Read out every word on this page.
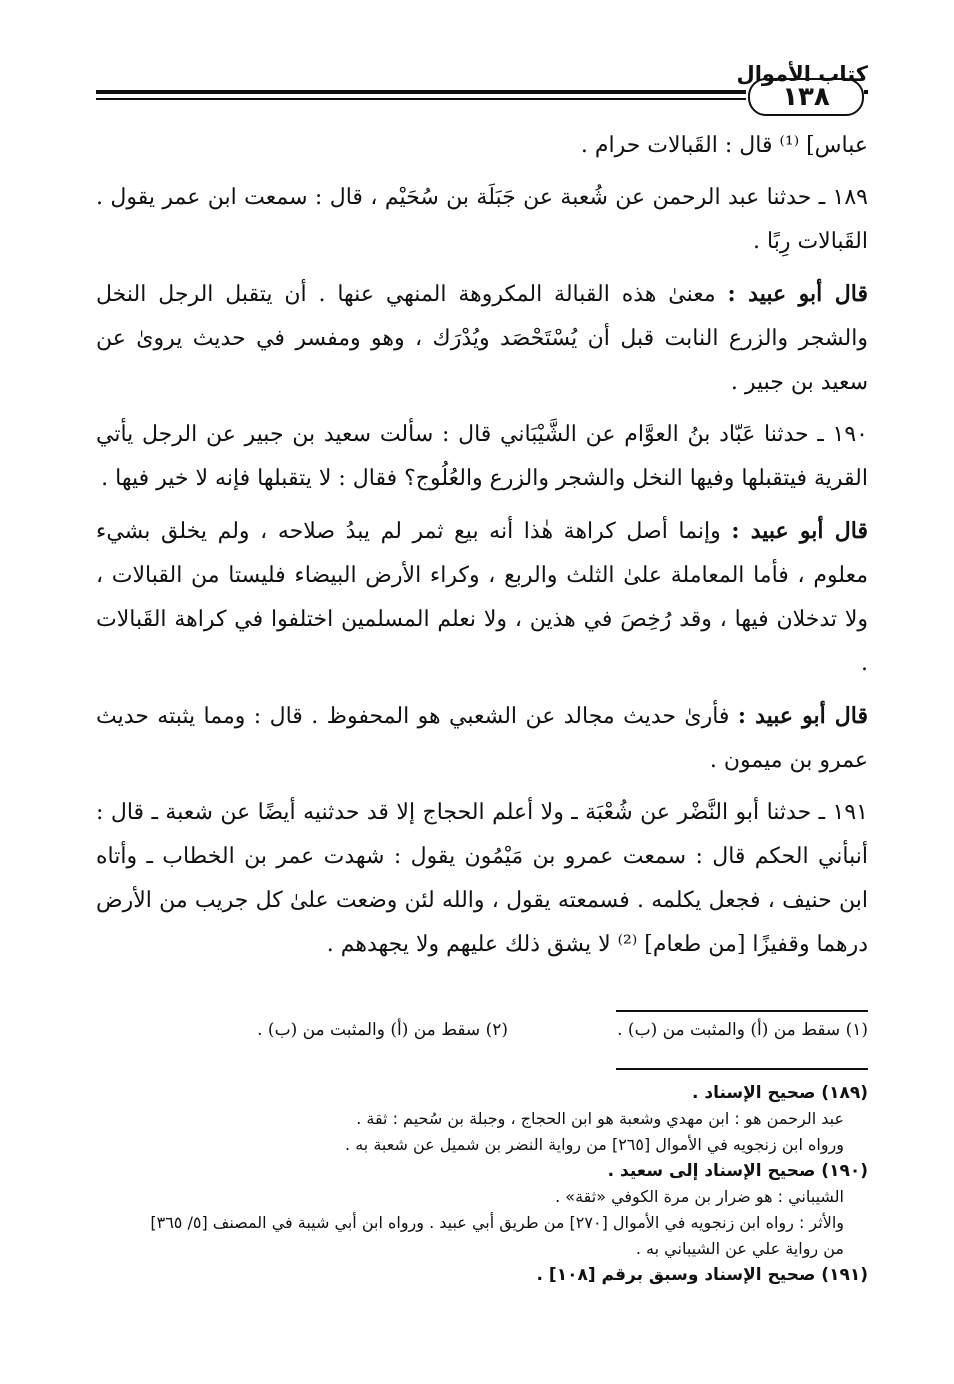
١٣٨
كتاب الأموال

عباس] ⁽¹⁾ قال : القَبالات حرام .

١٨٩ ـ حدثنا عبد الرحمن عن شُعبة عن جَبَلَة بن سُحَيْم ، قال : سمعت ابن عمر يقول . القَبالات رِبًا .

قال أبو عبيد : معنىٰ هذه القبالة المكروهة المنهي عنها . أن يتقبل الرجل النخل والشجر والزرع النابت قبل أن يُسْتَحْصَد ويُدْرَك ، وهو ومفسر في حديث يروىٰ عن سعيد بن جبير .

١٩٠ ـ حدثنا عَبّاد بنُ العوَّام عن الشَّيْبَاني قال : سألت سعيد بن جبير عن الرجل يأتي القرية فيتقبلها وفيها النخل والشجر والزرع والعُلُوج؟ فقال : لا يتقبلها فإنه لا خير فيها .

قال أبو عبيد : وإنما أصل كراهة هٰذا أنه بيع ثمر لم يبدُ صلاحه ، ولم يخلق بشيء معلوم ، فأما المعاملة علىٰ الثلث والربع ، وكراء الأرض البيضاء فليستا من القبالات ، ولا تدخلان فيها ، وقد رُخِصَ في هذين ، ولا نعلم المسلمين اختلفوا في كراهة القَبالات .

قال أبو عبيد : فأرىٰ حديث مجالد عن الشعبي هو المحفوظ . قال : ومما يثبته حديث عمرو بن ميمون .

١٩١ ـ حدثنا أبو النَّضْر عن شُعْبَة ـ ولا أعلم الحجاج إلا قد حدثنيه أيضًا عن شعبة ـ قال : أنبأني الحكم قال : سمعت عمرو بن مَيْمُون يقول : شهدت عمر بن الخطاب ـ وأتاه ابن حنيف ، فجعل يكلمه . فسمعته يقول ، والله لئن وضعت علىٰ كل جريب من الأرض درهما وقفيزًا [من طعام] ⁽²⁾ لا يشق ذلك عليهم ولا يجهدهم .

(١) سقط من (أ) والمثبت من (ب) .
(٢) سقط من (أ) والمثبت من (ب) .
(١٨٩) صحيح الإسناد .
عبد الرحمن هو : ابن مهدي وشعبة هو ابن الحجاج ، وجبلة بن سُحيم : ثقة .
ورواه ابن زنجويه في الأموال [٢٦٥] من رواية النضر بن شميل عن شعبة به .
(١٩٠) صحيح الإسناد إلى سعيد .
الشيباني : هو ضرار بن مرة الكوفي «ثقة» .
والأثر : رواه ابن زنجويه في الأموال [٢٧٠] من طريق أبي عبيد . ورواه ابن أبي شيبة في المصنف [٥/ ٣٦٥]
من رواية علي عن الشيباني به .
(١٩١) صحيح الإسناد وسبق برقم [١٠٨] .
